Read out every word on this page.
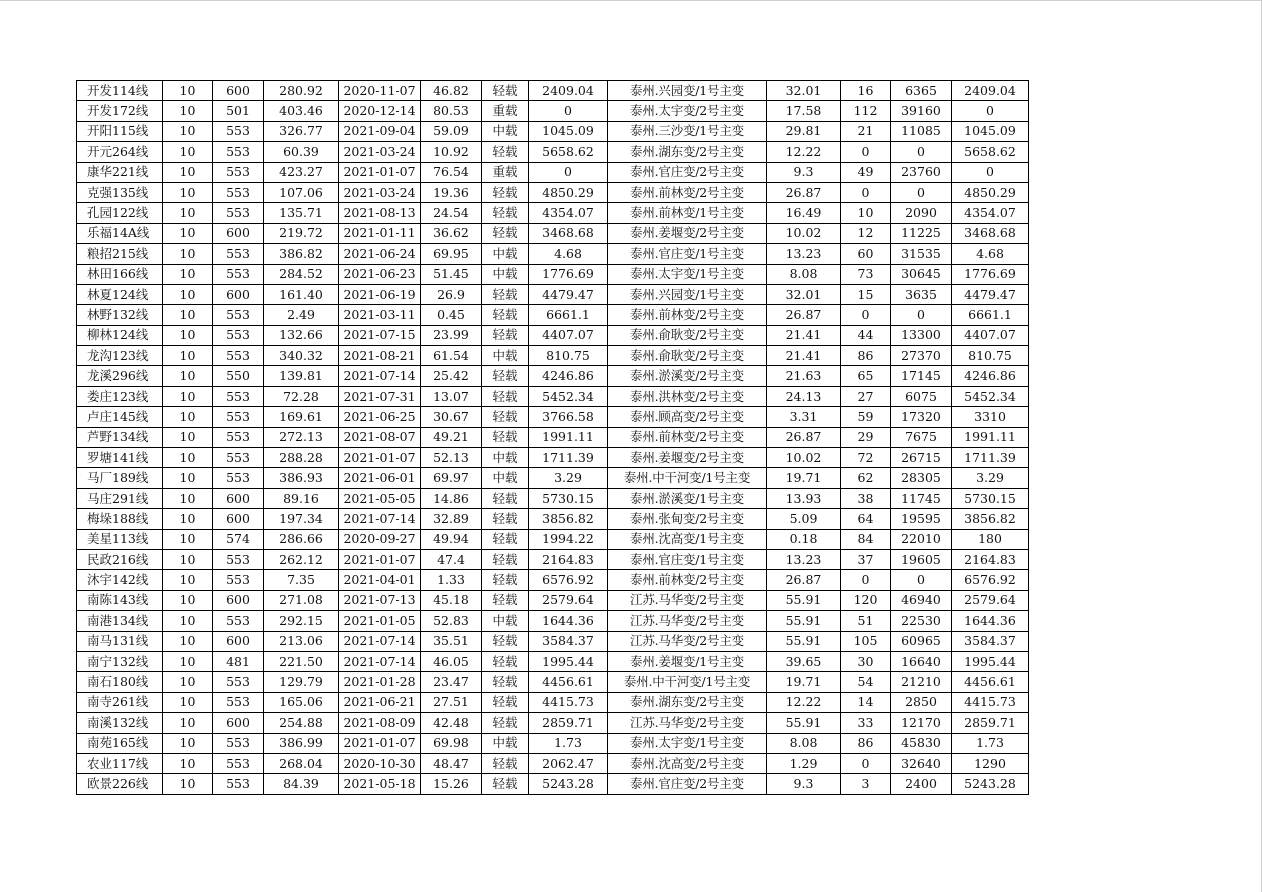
开发114线	10	600	280.92	2020-11-07	46.82	轻载	2409.04	泰州.兴园变/1号主变	32.01	16	6365	2409.04
开发172线	10	501	403.46	2020-12-14	80.53	重载	0	泰州.太宇变/2号主变	17.58	112	39160	0
开阳115线	10	553	326.77	2021-09-04	59.09	中载	1045.09	泰州.三沙变/1号主变	29.81	21	11085	1045.09
开元264线	10	553	60.39	2021-03-24	10.92	轻载	5658.62	泰州.湖东变/2号主变	12.22	0	0	5658.62
康华221线	10	553	423.27	2021-01-07	76.54	重载	0	泰州.官庄变/2号主变	9.3	49	23760	0
克强135线	10	553	107.06	2021-03-24	19.36	轻载	4850.29	泰州.前林变/2号主变	26.87	0	0	4850.29
孔园122线	10	553	135.71	2021-08-13	24.54	轻载	4354.07	泰州.前林变/1号主变	16.49	10	2090	4354.07
乐福14A线	10	600	219.72	2021-01-11	36.62	轻载	3468.68	泰州.姜堰变/2号主变	10.02	12	11225	3468.68
粮招215线	10	553	386.82	2021-06-24	69.95	中载	4.68	泰州.官庄变/1号主变	13.23	60	31535	4.68
林田166线	10	553	284.52	2021-06-23	51.45	中载	1776.69	泰州.太宇变/1号主变	8.08	73	30645	1776.69
林夏124线	10	600	161.40	2021-06-19	26.9	轻载	4479.47	泰州.兴园变/1号主变	32.01	15	3635	4479.47
林野132线	10	553	2.49	2021-03-11	0.45	轻载	6661.1	泰州.前林变/2号主变	26.87	0	0	6661.1
柳林124线	10	553	132.66	2021-07-15	23.99	轻载	4407.07	泰州.俞耿变/2号主变	21.41	44	13300	4407.07
龙沟123线	10	553	340.32	2021-08-21	61.54	中载	810.75	泰州.俞耿变/2号主变	21.41	86	27370	810.75
龙溪296线	10	550	139.81	2021-07-14	25.42	轻载	4246.86	泰州.淤溪变/2号主变	21.63	65	17145	4246.86
娄庄123线	10	553	72.28	2021-07-31	13.07	轻载	5452.34	泰州.洪林变/2号主变	24.13	27	6075	5452.34
卢庄145线	10	553	169.61	2021-06-25	30.67	轻载	3766.58	泰州.顾高变/2号主变	3.31	59	17320	3310
芦野134线	10	553	272.13	2021-08-07	49.21	轻载	1991.11	泰州.前林变/2号主变	26.87	29	7675	1991.11
罗塘141线	10	553	288.28	2021-01-07	52.13	中载	1711.39	泰州.姜堰变/2号主变	10.02	72	26715	1711.39
马厂189线	10	553	386.93	2021-06-01	69.97	中载	3.29	泰州.中干河变/1号主变	19.71	62	28305	3.29
马庄291线	10	600	89.16	2021-05-05	14.86	轻载	5730.15	泰州.淤溪变/1号主变	13.93	38	11745	5730.15
梅垛188线	10	600	197.34	2021-07-14	32.89	轻载	3856.82	泰州.张甸变/2号主变	5.09	64	19595	3856.82
美星113线	10	574	286.66	2020-09-27	49.94	轻载	1994.22	泰州.沈高变/1号主变	0.18	84	22010	180
民政216线	10	553	262.12	2021-01-07	47.4	轻载	2164.83	泰州.官庄变/1号主变	13.23	37	19605	2164.83
沐宇142线	10	553	7.35	2021-04-01	1.33	轻载	6576.92	泰州.前林变/2号主变	26.87	0	0	6576.92
南陈143线	10	600	271.08	2021-07-13	45.18	轻载	2579.64	江苏.马华变/2号主变	55.91	120	46940	2579.64
南港134线	10	553	292.15	2021-01-05	52.83	中载	1644.36	江苏.马华变/2号主变	55.91	51	22530	1644.36
南马131线	10	600	213.06	2021-07-14	35.51	轻载	3584.37	江苏.马华变/2号主变	55.91	105	60965	3584.37
南宁132线	10	481	221.50	2021-07-14	46.05	轻载	1995.44	泰州.姜堰变/1号主变	39.65	30	16640	1995.44
南石180线	10	553	129.79	2021-01-28	23.47	轻载	4456.61	泰州.中干河变/1号主变	19.71	54	21210	4456.61
南寺261线	10	553	165.06	2021-06-21	27.51	轻载	4415.73	泰州.湖东变/2号主变	12.22	14	2850	4415.73
南溪132线	10	600	254.88	2021-08-09	42.48	轻载	2859.71	江苏.马华变/2号主变	55.91	33	12170	2859.71
南苑165线	10	553	386.99	2021-01-07	69.98	中载	1.73	泰州.太宇变/1号主变	8.08	86	45830	1.73
农业117线	10	553	268.04	2020-10-30	48.47	轻载	2062.47	泰州.沈高变/2号主变	1.29	0	32640	1290
欧景226线	10	553	84.39	2021-05-18	15.26	轻载	5243.28	泰州.官庄变/2号主变	9.3	3	2400	5243.28
